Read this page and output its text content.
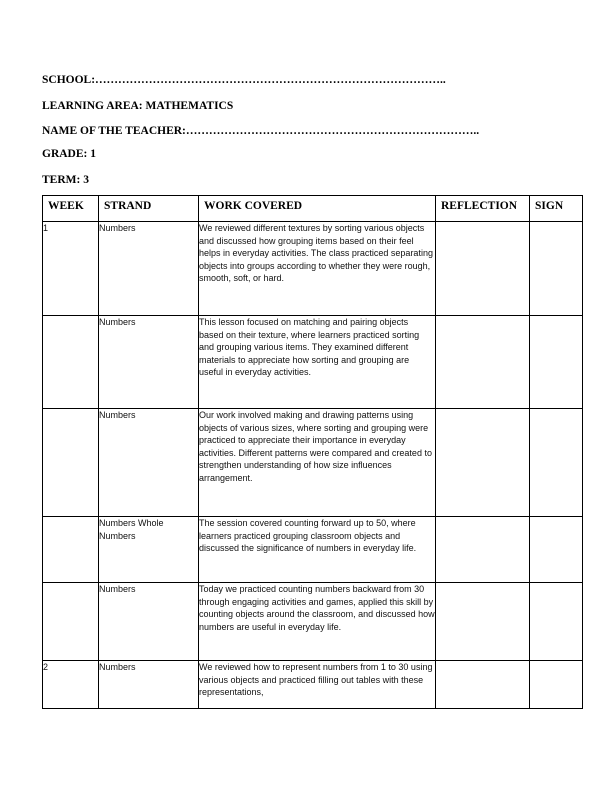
SCHOOL:………………………………………………………………………………..
LEARNING AREA: MATHEMATICS
NAME OF THE TEACHER:…………………………………………………………………..
GRADE: 1
TERM: 3
WEEK	STRAND	WORK COVERED	REFLECTION	SIGN
1	Numbers	We reviewed different textures by sorting various objects and discussed how grouping items based on their feel helps in everyday activities. The class practiced separating objects into groups according to whether they were rough, smooth, soft, or hard.		

	Numbers	This lesson focused on matching and pairing objects based on their texture, where learners practiced sorting and grouping various items. They examined different materials to appreciate how sorting and grouping are useful in everyday activities.		

	Numbers	Our work involved making and drawing patterns using objects of various sizes, where sorting and grouping were practiced to appreciate their importance in everyday activities. Different patterns were compared and created to strengthen understanding of how size influences arrangement.		

	Numbers Whole Numbers	The session covered counting forward up to 50, where learners practiced grouping classroom objects and discussed the significance of numbers in everyday life.		

	Numbers	Today we practiced counting numbers backward from 30 through engaging activities and games, applied this skill by counting objects around the classroom, and discussed how numbers are useful in everyday life.		
2	Numbers	We reviewed how to represent numbers from 1 to 30 using various objects and practiced filling out tables with these representations,		
